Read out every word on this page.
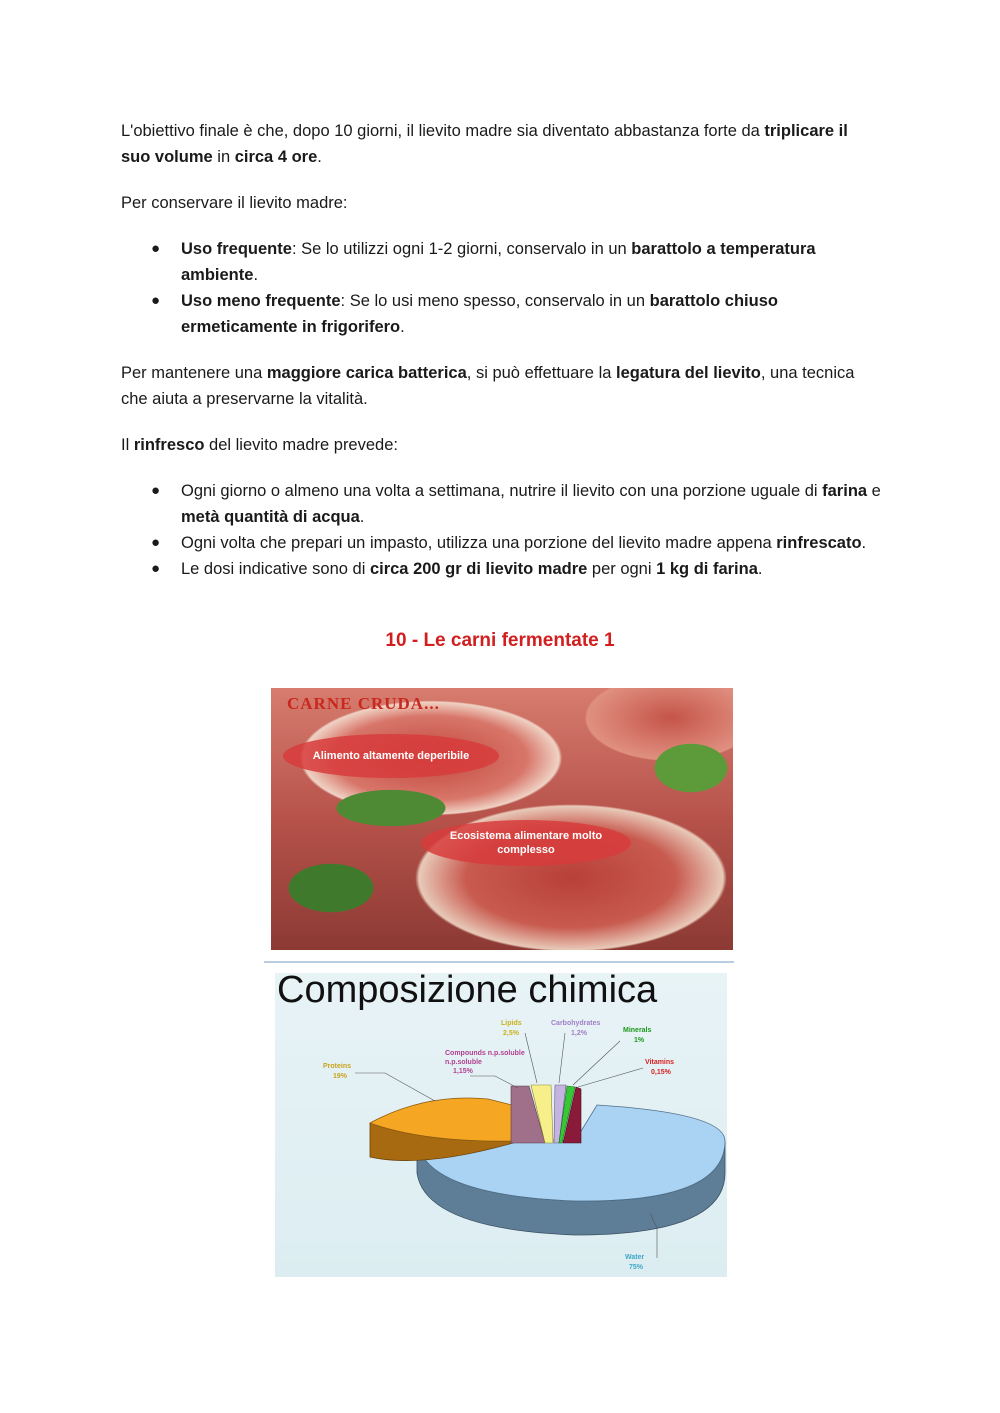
L'obiettivo finale è che, dopo 10 giorni, il lievito madre sia diventato abbastanza forte da triplicare il suo volume in circa 4 ore.

Per conservare il lievito madre:

● Uso frequente: Se lo utilizzi ogni 1-2 giorni, conservalo in un barattolo a temperatura ambiente.
● Uso meno frequente: Se lo usi meno spesso, conservalo in un barattolo chiuso ermeticamente in frigorifero.

Per mantenere una maggiore carica batterica, si può effettuare la legatura del lievito, una tecnica che aiuta a preservarne la vitalità.

Il rinfresco del lievito madre prevede:

● Ogni giorno o almeno una volta a settimana, nutrire il lievito con una porzione uguale di farina e metà quantità di acqua.
● Ogni volta che prepari un impasto, utilizza una porzione del lievito madre appena rinfrescato.
● Le dosi indicative sono di circa 200 gr di lievito madre per ogni 1 kg di farina.
10 - Le carni fermentate 1
CARNE CRUDA...
Alimento altamente deperibile
Ecosistema alimentare molto complesso
Composizione chimica
Proteins
19%
Compounds n.p.soluble
n.p.soluble
1,15%
Lipids
2,5%
Carbohydrates
1,2%	Minerals
1%
Vitamins
0,15%
Water
75%
